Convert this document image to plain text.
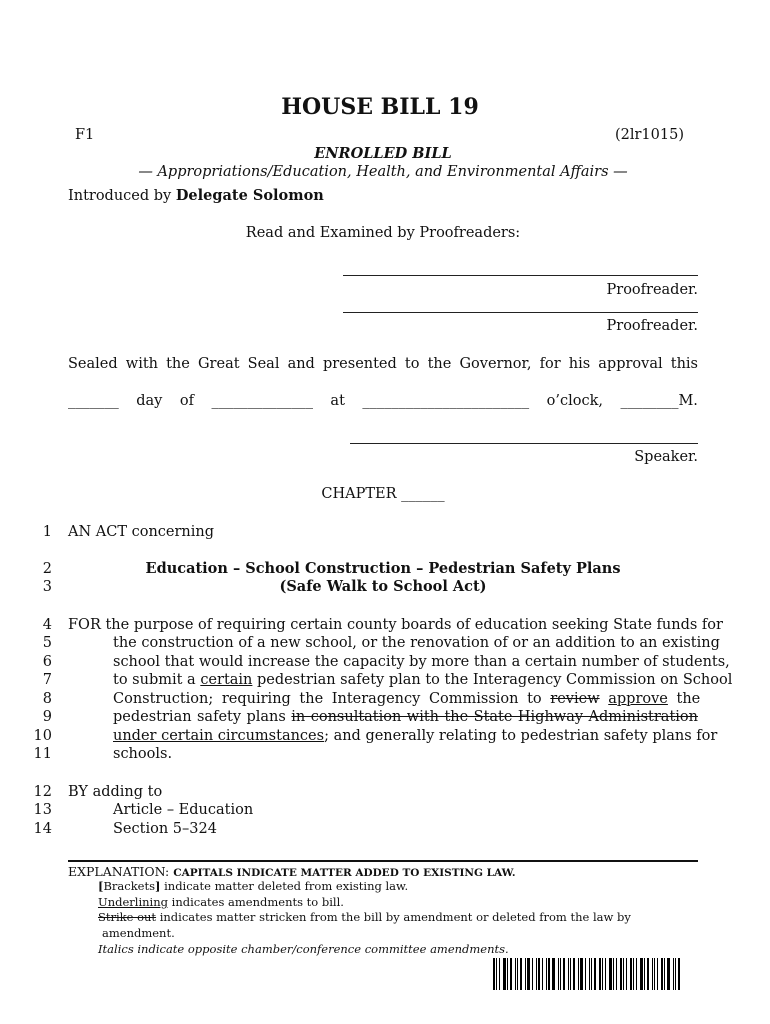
HOUSE BILL 19
F1	(2lr1015)
ENROLLED BILL
— Appropriations/Education, Health, and Environmental Affairs —
Introduced by Delegate Solomon
Read and Examined by Proofreaders:
Proofreader.
Proofreader.
Sealed with the Great Seal and presented to the Governor, for his approval this
_______ day of ______________ at _______________________ o’clock, ________M.
Speaker.
CHAPTER ______
1
2
3
4
5
6
7
8
9
10
11
12
13
14
AN ACT concerning
Education – School Construction – Pedestrian Safety Plans
(Safe Walk to School Act)
FOR the purpose of requiring certain county boards of education seeking State funds for
the construction of a new school, or the renovation of or an addition to an existing
school that would increase the capacity by more than a certain number of students,
to submit a certain pedestrian safety plan to the Interagency Commission on School
Construction; requiring the Interagency Commission to review approve the
pedestrian safety plans in consultation with the State Highway Administration
under certain circumstances; and generally relating to pedestrian safety plans for
schools.
BY adding to
Article – Education
Section 5–324
EXPLANATION: CAPITALS INDICATE MATTER ADDED TO EXISTING LAW.
[Brackets] indicate matter deleted from existing law.
Underlining indicates amendments to bill.
Strike out indicates matter stricken from the bill by amendment or deleted from the law by
amendment.
Italics indicate opposite chamber/conference committee amendments.
